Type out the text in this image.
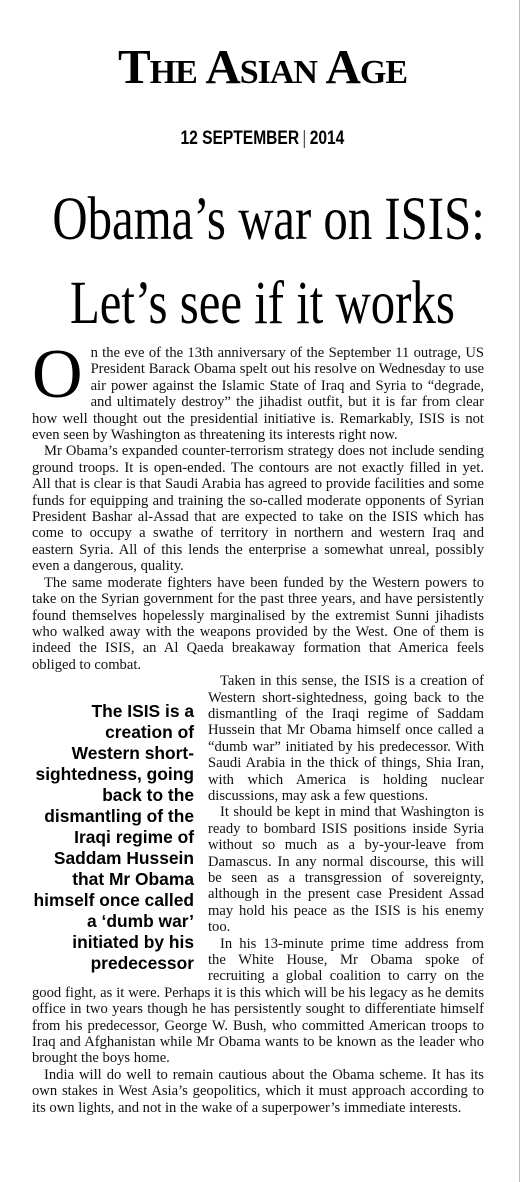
The Asian Age
12 SEPTEMBER | 2014
Obama’s war on ISIS:
Let’s see if it works

On the eve of the 13th anniversary of the September 11 outrage, US President Barack Obama spelt out his resolve on Wednesday to use air power against the Islamic State of Iraq and Syria to “degrade, and ultimately destroy” the jihadist outfit, but it is far from clear how well thought out the presidential initiative is. Remarkably, ISIS is not even seen by Washington as threatening its interests right now.

Mr Obama’s expanded counter-terrorism strategy does not include sending ground troops. It is open-ended. The contours are not exactly filled in yet. All that is clear is that Saudi Arabia has agreed to provide facilities and some funds for equipping and training the so-called moderate opponents of Syrian President Bashar al-Assad that are expected to take on the ISIS which has come to occupy a swathe of territory in northern and western Iraq and eastern Syria. All of this lends the enterprise a somewhat unreal, possibly even a dangerous, quality.

The same moderate fighters have been funded by the Western powers to take on the Syrian government for the past three years, and have persistently found themselves hopelessly marginalised by the extremist Sunni jihadists who walked away with the weapons provided by the West. One of them is indeed the ISIS, an Al Qaeda breakaway formation that America feels obliged to combat.

The ISIS is a creation of Western short-sightedness, going back to the dismantling of the Iraqi regime of Saddam Hussein that Mr Obama himself once called a ‘dumb war’ initiated by his predecessor

Taken in this sense, the ISIS is a creation of Western short-sightedness, going back to the dismantling of the Iraqi regime of Saddam Hussein that Mr Obama himself once called a “dumb war” initiated by his predecessor. With Saudi Arabia in the thick of things, Shia Iran, with which America is holding nuclear discussions, may ask a few questions.

It should be kept in mind that Washington is ready to bombard ISIS positions inside Syria without so much as a by-your-leave from Damascus. In any normal discourse, this will be seen as a transgression of sovereignty, although in the present case President Assad may hold his peace as the ISIS is his enemy too.

In his 13-minute prime time address from the White House, Mr Obama spoke of recruiting a global coalition to carry on the good fight, as it were. Perhaps it is this which will be his legacy as he demits office in two years though he has persistently sought to differentiate himself from his predecessor, George W. Bush, who committed American troops to Iraq and Afghanistan while Mr Obama wants to be known as the leader who brought the boys home.

India will do well to remain cautious about the Obama scheme. It has its own stakes in West Asia’s geopolitics, which it must approach according to its own lights, and not in the wake of a superpower’s immediate interests.
